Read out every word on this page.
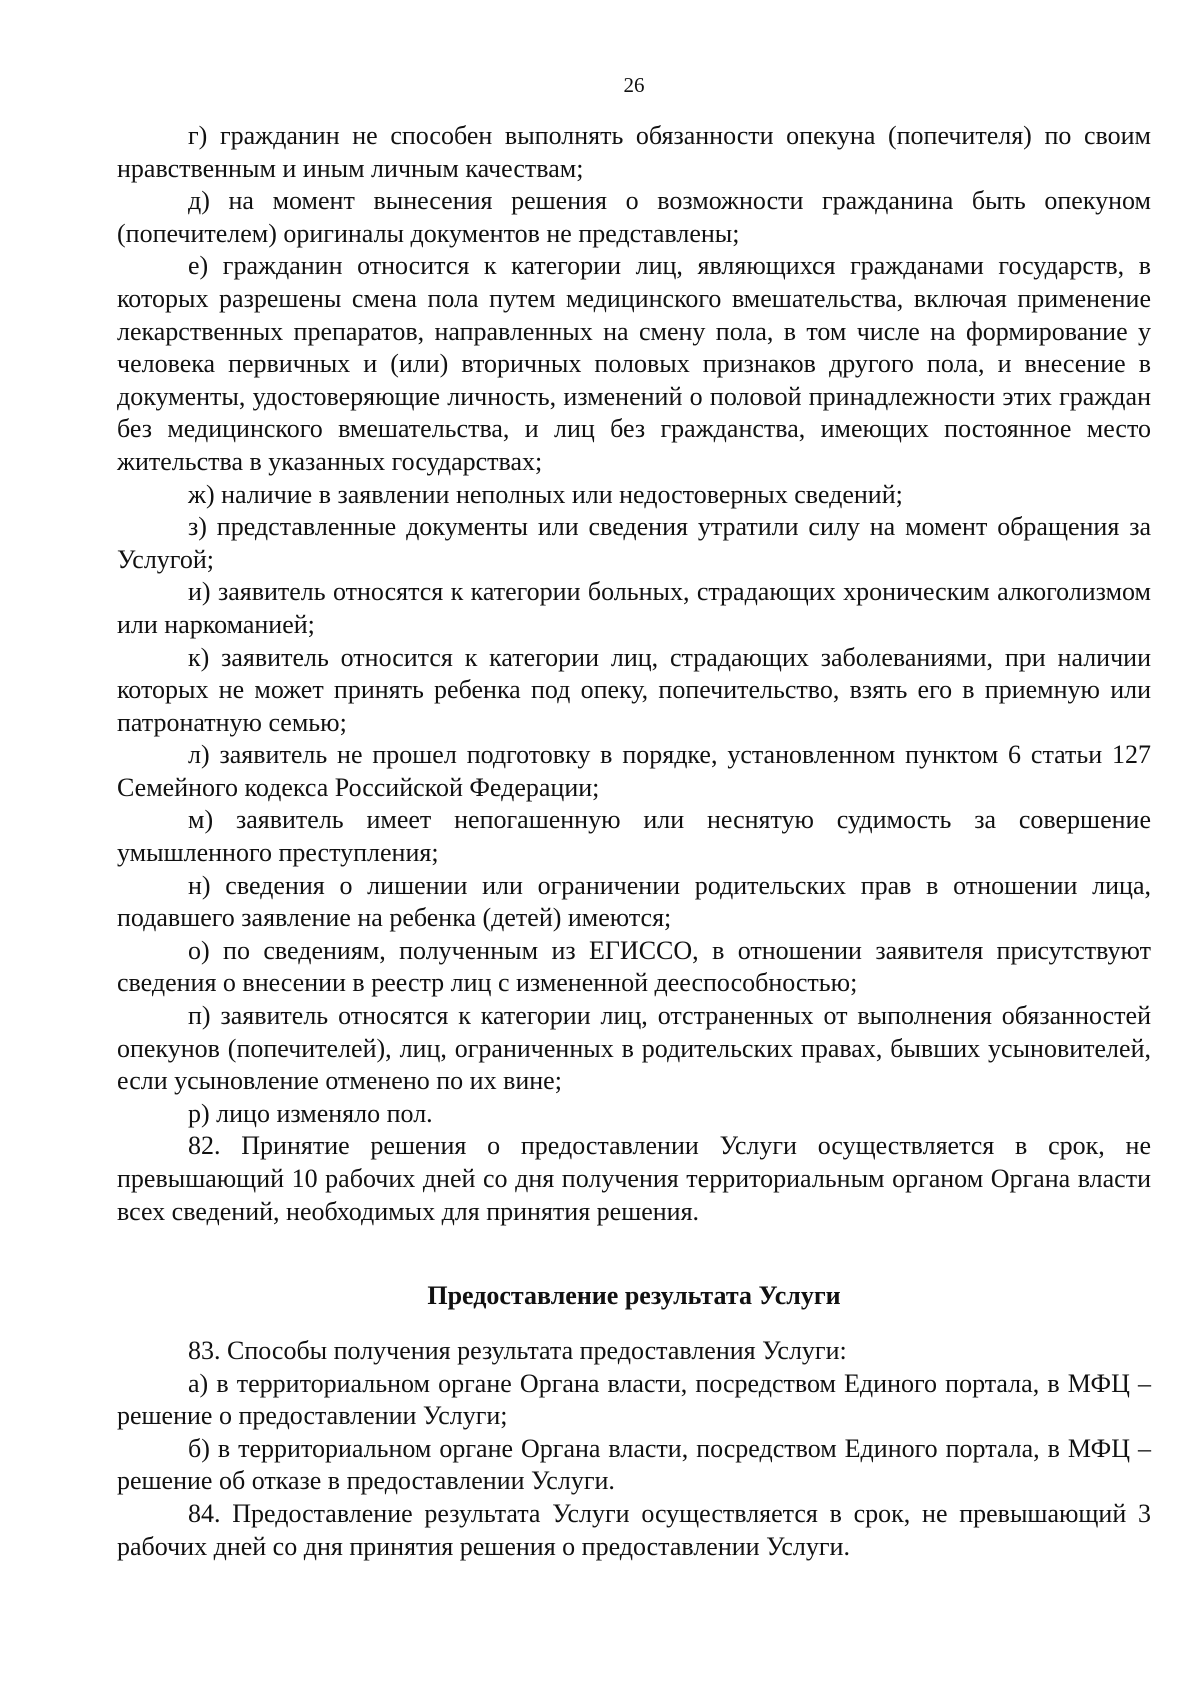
26

г) гражданин не способен выполнять обязанности опекуна (попечителя) по своим нравственным и иным личным качествам;

д) на момент вынесения решения о возможности гражданина быть опекуном (попечителем) оригиналы документов не представлены;

е) гражданин относится к категории лиц, являющихся гражданами государств, в которых разрешены смена пола путем медицинского вмешательства, включая применение лекарственных препаратов, направленных на смену пола, в том числе на формирование у человека первичных и (или) вторичных половых признаков другого пола, и внесение в документы, удостоверяющие личность, изменений о половой принадлежности этих граждан без медицинского вмешательства, и лиц без гражданства, имеющих постоянное место жительства в указанных государствах;

ж) наличие в заявлении неполных или недостоверных сведений;

з) представленные документы или сведения утратили силу на момент обращения за Услугой;

и) заявитель относятся к категории больных, страдающих хроническим алкоголизмом или наркоманией;

к) заявитель относится к категории лиц, страдающих заболеваниями, при наличии которых не может принять ребенка под опеку, попечительство, взять его в приемную или патронатную семью;

л) заявитель не прошел подготовку в порядке, установленном пунктом 6 статьи 127 Семейного кодекса Российской Федерации;

м) заявитель имеет непогашенную или неснятую судимость за совершение умышленного преступления;

н) сведения о лишении или ограничении родительских прав в отношении лица, подавшего заявление на ребенка (детей) имеются;

о) по сведениям, полученным из ЕГИССО, в отношении заявителя присутствуют сведения о внесении в реестр лиц с измененной дееспособностью;

п) заявитель относятся к категории лиц, отстраненных от выполнения обязанностей опекунов (попечителей), лиц, ограниченных в родительских правах, бывших усыновителей, если усыновление отменено по их вине;

р) лицо изменяло пол.

82. Принятие решения о предоставлении Услуги осуществляется в срок, не превышающий 10 рабочих дней со дня получения территориальным органом Органа власти всех сведений, необходимых для принятия решения.

Предоставление результата Услуги

83. Способы получения результата предоставления Услуги:

а) в территориальном органе Органа власти, посредством Единого портала, в МФЦ – решение о предоставлении Услуги;

б) в территориальном органе Органа власти, посредством Единого портала, в МФЦ – решение об отказе в предоставлении Услуги.

84. Предоставление результата Услуги осуществляется в срок, не превышающий 3 рабочих дней со дня принятия решения о предоставлении Услуги.
